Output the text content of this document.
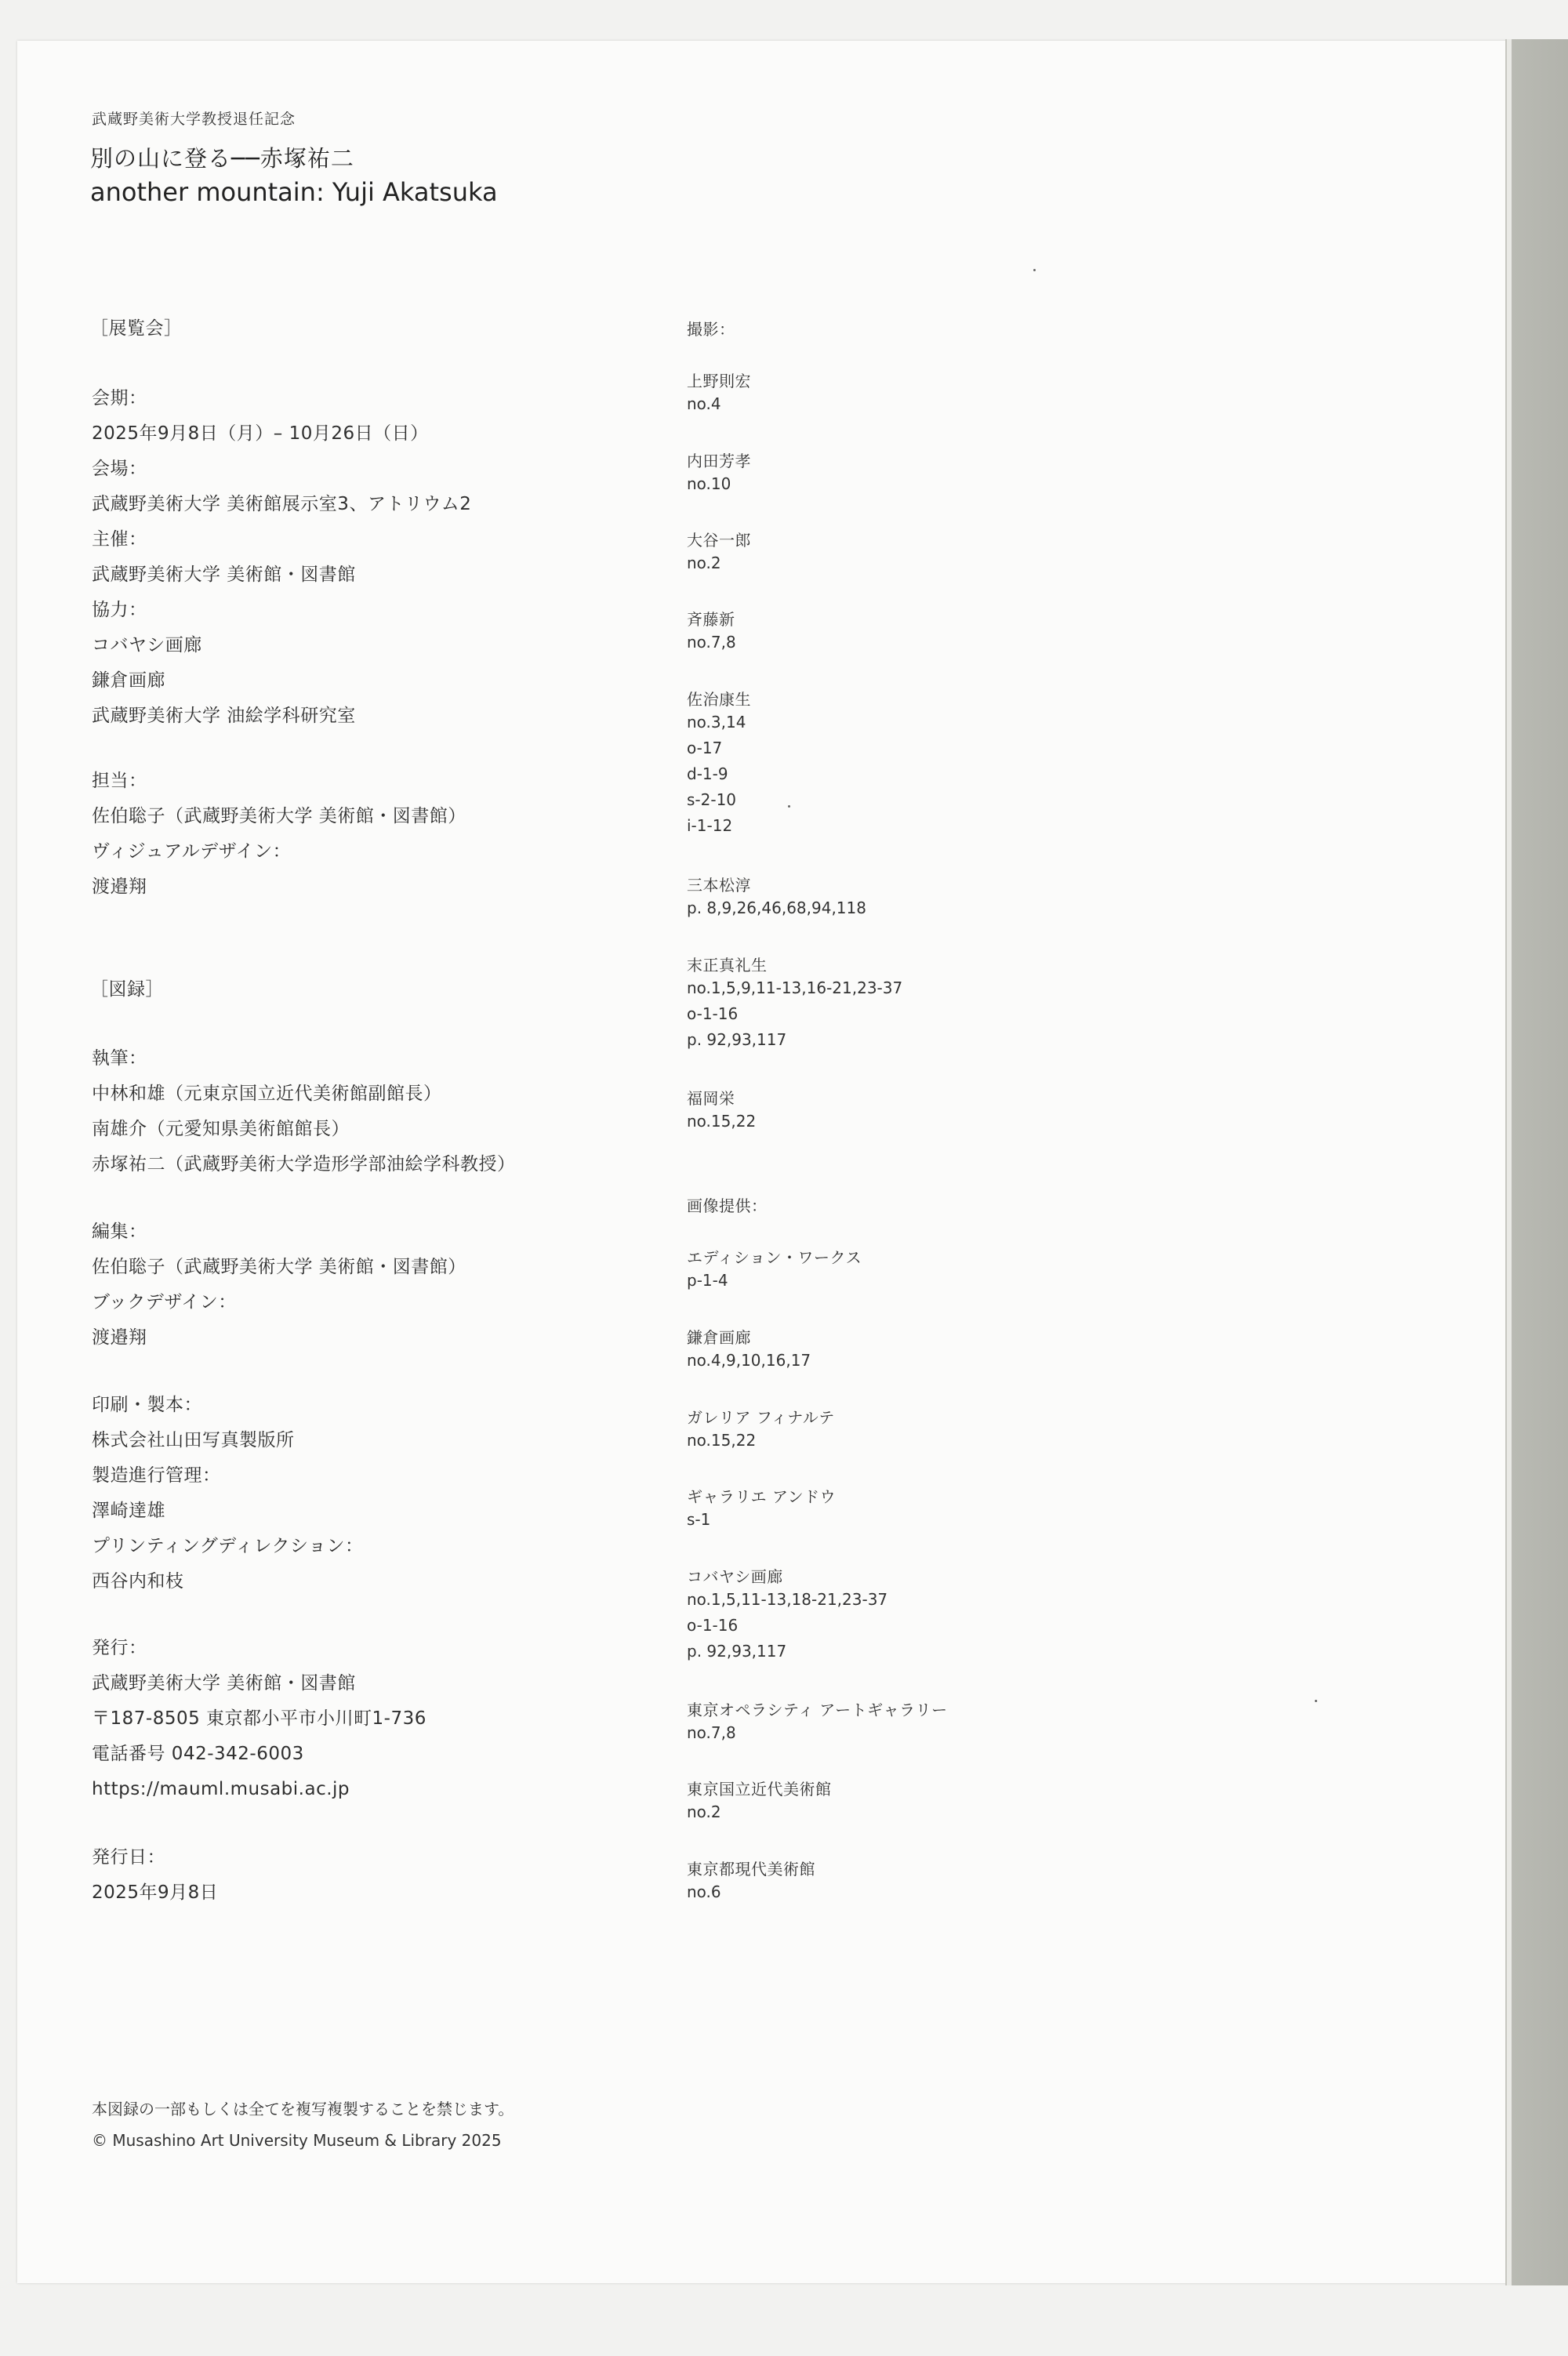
武蔵野美術大学教授退任記念
別の山に登る──赤塚祐二
another mountain: Yuji Akatsuka
［展覧会］
会期：
2025年9月8日（月）– 10月26日（日）
会場：
武蔵野美術大学 美術館展示室3、アトリウム2
主催：
武蔵野美術大学 美術館・図書館
協力：
コバヤシ画廊
鎌倉画廊
武蔵野美術大学 油絵学科研究室
担当：
佐伯聡子（武蔵野美術大学 美術館・図書館）
ヴィジュアルデザイン：
渡邉翔
［図録］
執筆：
中林和雄（元東京国立近代美術館副館長）
南雄介（元愛知県美術館館長）
赤塚祐二（武蔵野美術大学造形学部油絵学科教授）
編集：
佐伯聡子（武蔵野美術大学 美術館・図書館）
ブックデザイン：
渡邉翔
印刷・製本：
株式会社山田写真製版所
製造進行管理：
澤崎達雄
プリンティングディレクション：
西谷内和枝
発行：
武蔵野美術大学 美術館・図書館
〒187-8505 東京都小平市小川町1-736
電話番号 042-342-6003
https://mauml.musabi.ac.jp
発行日：
2025年9月8日
撮影：
上野則宏
no.4
内田芳孝
no.10
大谷一郎
no.2
斉藤新
no.7,8
佐治康生
no.3,14
o-17
d-1-9
s-2-10
i-1-12
三本松淳
p. 8,9,26,46,68,94,118
末正真礼生
no.1,5,9,11-13,16-21,23-37
o-1-16
p. 92,93,117
福岡栄
no.15,22
画像提供：
エディション・ワークス
p-1-4
鎌倉画廊
no.4,9,10,16,17
ガレリア フィナルテ
no.15,22
ギャラリエ アンドウ
s-1
コバヤシ画廊
no.1,5,11-13,18-21,23-37
o-1-16
p. 92,93,117
東京オペラシティ アートギャラリー
no.7,8
東京国立近代美術館
no.2
東京都現代美術館
no.6
本図録の一部もしくは全てを複写複製することを禁じます。
© Musashino Art University Museum & Library 2025
